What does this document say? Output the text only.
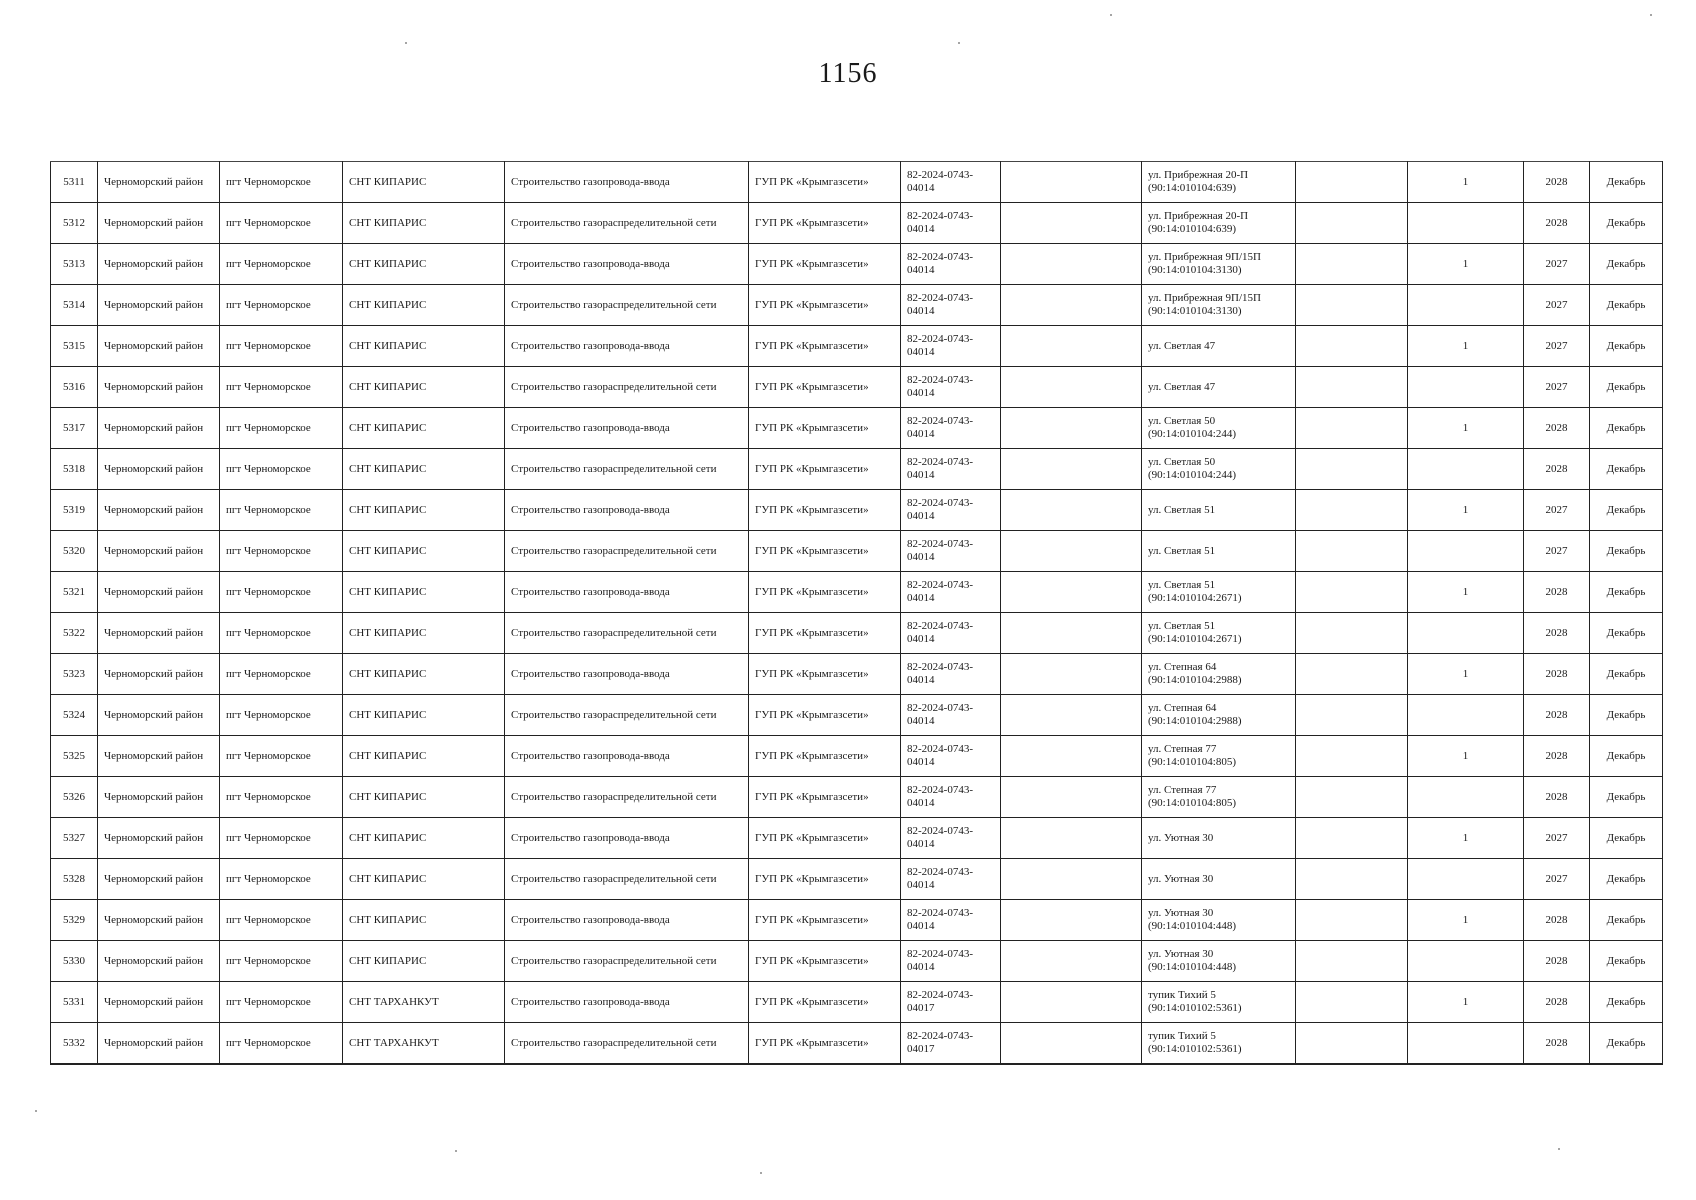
1156
5311	Черноморский район	пгт Черноморское	СНТ КИПАРИС	Строительство газопровода-ввода	ГУП РК «Крымгазсети»	82-2024-0743-04014		ул. Прибрежная 20-П (90:14:010104:639)		1	2028	Декабрь
5312	Черноморский район	пгт Черноморское	СНТ КИПАРИС	Строительство газораспределительной сети	ГУП РК «Крымгазсети»	82-2024-0743-04014		ул. Прибрежная 20-П (90:14:010104:639)			2028	Декабрь
5313	Черноморский район	пгт Черноморское	СНТ КИПАРИС	Строительство газопровода-ввода	ГУП РК «Крымгазсети»	82-2024-0743-04014		ул. Прибрежная 9П/15П (90:14:010104:3130)		1	2027	Декабрь
5314	Черноморский район	пгт Черноморское	СНТ КИПАРИС	Строительство газораспределительной сети	ГУП РК «Крымгазсети»	82-2024-0743-04014		ул. Прибрежная 9П/15П (90:14:010104:3130)			2027	Декабрь
5315	Черноморский район	пгт Черноморское	СНТ КИПАРИС	Строительство газопровода-ввода	ГУП РК «Крымгазсети»	82-2024-0743-04014		ул. Светлая 47		1	2027	Декабрь
5316	Черноморский район	пгт Черноморское	СНТ КИПАРИС	Строительство газораспределительной сети	ГУП РК «Крымгазсети»	82-2024-0743-04014		ул. Светлая 47			2027	Декабрь
5317	Черноморский район	пгт Черноморское	СНТ КИПАРИС	Строительство газопровода-ввода	ГУП РК «Крымгазсети»	82-2024-0743-04014		ул. Светлая 50 (90:14:010104:244)		1	2028	Декабрь
5318	Черноморский район	пгт Черноморское	СНТ КИПАРИС	Строительство газораспределительной сети	ГУП РК «Крымгазсети»	82-2024-0743-04014		ул. Светлая 50 (90:14:010104:244)			2028	Декабрь
5319	Черноморский район	пгт Черноморское	СНТ КИПАРИС	Строительство газопровода-ввода	ГУП РК «Крымгазсети»	82-2024-0743-04014		ул. Светлая 51		1	2027	Декабрь
5320	Черноморский район	пгт Черноморское	СНТ КИПАРИС	Строительство газораспределительной сети	ГУП РК «Крымгазсети»	82-2024-0743-04014		ул. Светлая 51			2027	Декабрь
5321	Черноморский район	пгт Черноморское	СНТ КИПАРИС	Строительство газопровода-ввода	ГУП РК «Крымгазсети»	82-2024-0743-04014		ул. Светлая 51 (90:14:010104:2671)		1	2028	Декабрь
5322	Черноморский район	пгт Черноморское	СНТ КИПАРИС	Строительство газораспределительной сети	ГУП РК «Крымгазсети»	82-2024-0743-04014		ул. Светлая 51 (90:14:010104:2671)			2028	Декабрь
5323	Черноморский район	пгт Черноморское	СНТ КИПАРИС	Строительство газопровода-ввода	ГУП РК «Крымгазсети»	82-2024-0743-04014		ул. Степная 64 (90:14:010104:2988)		1	2028	Декабрь
5324	Черноморский район	пгт Черноморское	СНТ КИПАРИС	Строительство газораспределительной сети	ГУП РК «Крымгазсети»	82-2024-0743-04014		ул. Степная 64 (90:14:010104:2988)			2028	Декабрь
5325	Черноморский район	пгт Черноморское	СНТ КИПАРИС	Строительство газопровода-ввода	ГУП РК «Крымгазсети»	82-2024-0743-04014		ул. Степная 77 (90:14:010104:805)		1	2028	Декабрь
5326	Черноморский район	пгт Черноморское	СНТ КИПАРИС	Строительство газораспределительной сети	ГУП РК «Крымгазсети»	82-2024-0743-04014		ул. Степная 77 (90:14:010104:805)			2028	Декабрь
5327	Черноморский район	пгт Черноморское	СНТ КИПАРИС	Строительство газопровода-ввода	ГУП РК «Крымгазсети»	82-2024-0743-04014		ул. Уютная 30		1	2027	Декабрь
5328	Черноморский район	пгт Черноморское	СНТ КИПАРИС	Строительство газораспределительной сети	ГУП РК «Крымгазсети»	82-2024-0743-04014		ул. Уютная 30			2027	Декабрь
5329	Черноморский район	пгт Черноморское	СНТ КИПАРИС	Строительство газопровода-ввода	ГУП РК «Крымгазсети»	82-2024-0743-04014		ул. Уютная 30 (90:14:010104:448)		1	2028	Декабрь
5330	Черноморский район	пгт Черноморское	СНТ КИПАРИС	Строительство газораспределительной сети	ГУП РК «Крымгазсети»	82-2024-0743-04014		ул. Уютная 30 (90:14:010104:448)			2028	Декабрь
5331	Черноморский район	пгт Черноморское	СНТ ТАРХАНКУТ	Строительство газопровода-ввода	ГУП РК «Крымгазсети»	82-2024-0743-04017		тупик Тихий 5 (90:14:010102:5361)		1	2028	Декабрь
5332	Черноморский район	пгт Черноморское	СНТ ТАРХАНКУТ	Строительство газораспределительной сети	ГУП РК «Крымгазсети»	82-2024-0743-04017		тупик Тихий 5 (90:14:010102:5361)			2028	Декабрь
